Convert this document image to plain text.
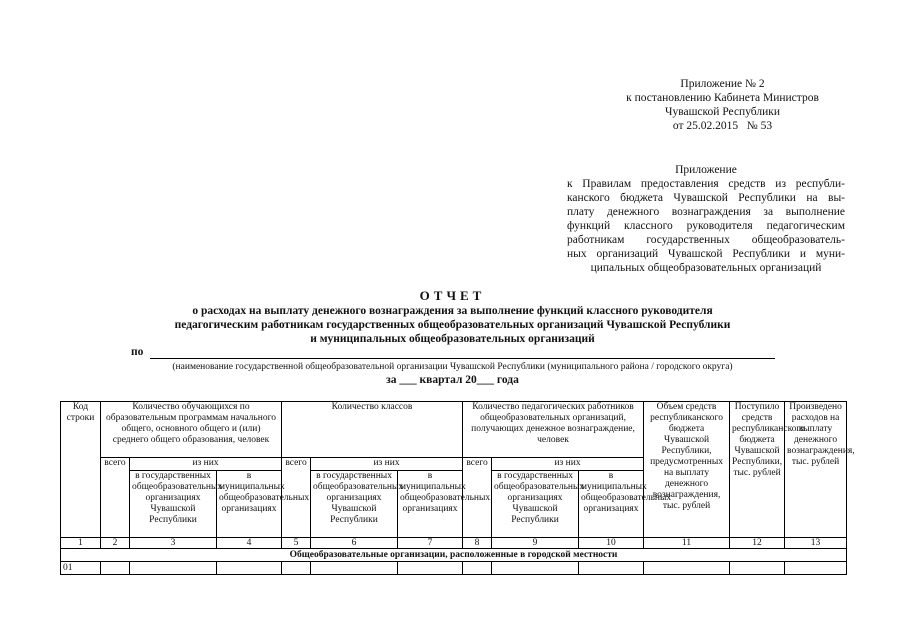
Приложение № 2
к постановлению Кабинета Министров
Чувашской Республики
от 25.02.2015   № 53
Приложение
к Правилам предоставления средств из республи-
канского бюджета Чувашской Республики на вы-
плату денежного вознаграждения за выполнение
функций классного руководителя педагогическим
работникам государственных общеобразователь-
ных организаций Чувашской Республики и муни-
ципальных общеобразовательных организаций
ОТЧЕТ
о расходах на выплату денежного вознаграждения за выполнение функций классного руководителя
педагогическим работникам государственных общеобразовательных организаций Чувашской Республики
и муниципальных общеобразовательных организаций
по
(наименование государственной общеобразовательной организации Чувашской Республики (муниципального района / городского округа)
за ___ квартал 20___ года
Код строки	Количество обучающихся по образовательным программам начального общего, основного общего и (или) среднего общего образования, человек			Количество классов			Количество педагогических работников общеобразовательных организаций, получающих денежное вознаграждение, человек			Объем средств республиканского бюджета Чувашской Республики, предусмотренных на выплату денежного вознаграждения, тыс. рублей	Поступило средств республиканского бюджета Чувашской Республики, тыс. рублей	Произведено расходов на выплату денежного вознаграждения, тыс. рублей
	всего	из них		всего	из них		всего	из них				
		в государственных общеобразовательных организациях Чувашской Республики	в муниципальных общеобразовательных организациях		в государственных общеобразовательных организациях Чувашской Республики	в муниципальных общеобразовательных организациях		в государственных общеобразовательных организациях Чувашской Республики	в муниципальных общеобразовательных организациях			
1	2	3	4	5	6	7	8	9	10	11	12	13
Общеобразовательные организации, расположенные в городской местности												
01												
